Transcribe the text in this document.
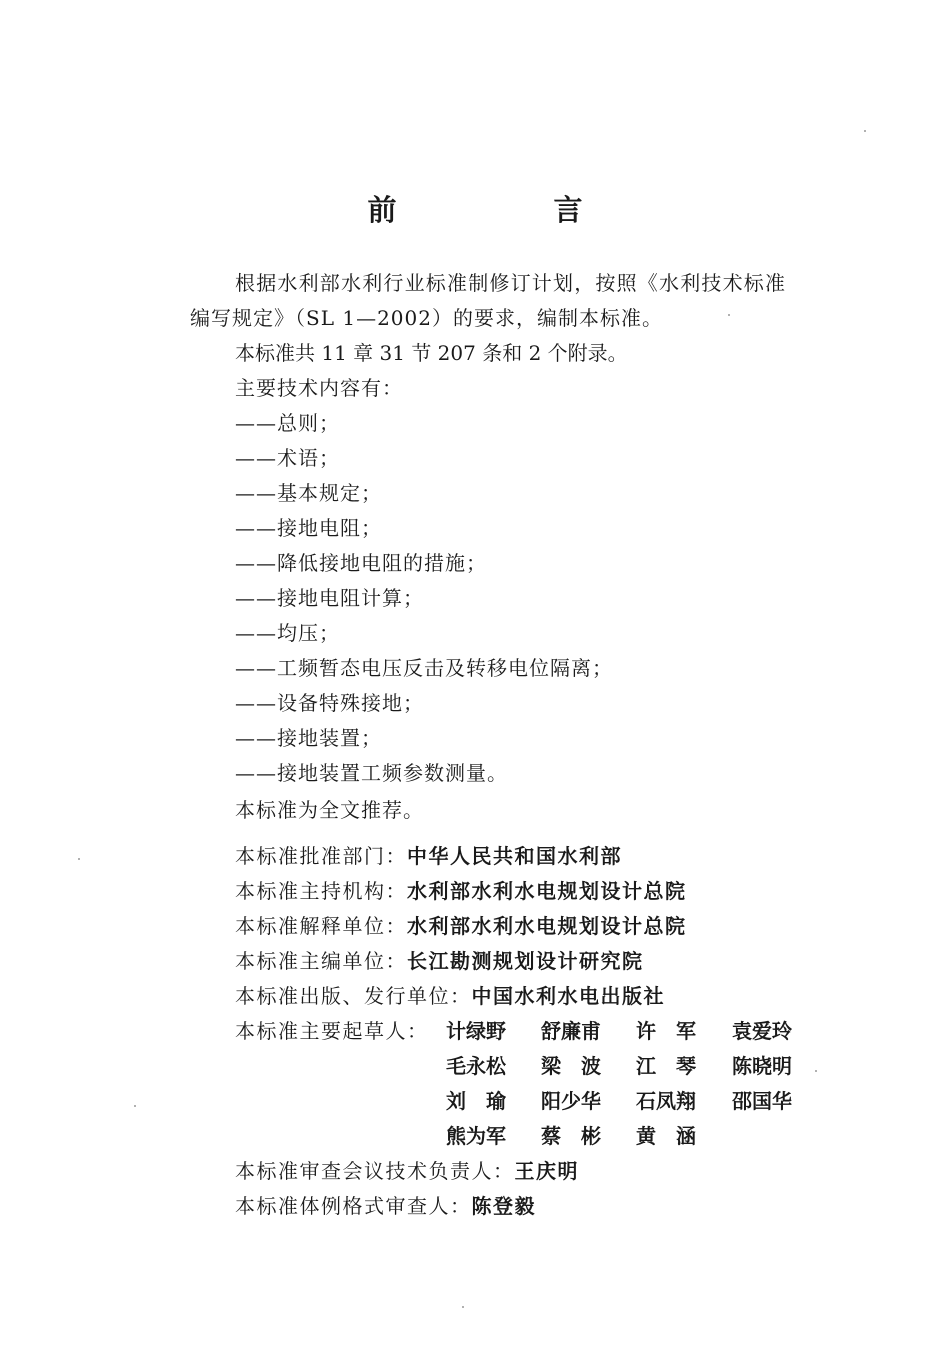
前　言
根据水利部水利行业标准制修订计划，按照《水利技术标准
编写规定》（SL 1—2002）的要求，编制本标准。
本标准共 11 章 31 节 207 条和 2 个附录。
主要技术内容有：
——总则；
——术语；
——基本规定；
——接地电阻；
——降低接地电阻的措施；
——接地电阻计算；
——均压；
——工频暂态电压反击及转移电位隔离；
——设备特殊接地；
——接地装置；
——接地装置工频参数测量。
本标准为全文推荐。
本标准批准部门：中华人民共和国水利部
本标准主持机构：水利部水利水电规划设计总院
本标准解释单位：水利部水利水电规划设计总院
本标准主编单位：长江勘测规划设计研究院
本标准出版、发行单位：中国水利水电出版社
本标准主要起草人： 计绿野 舒廉甫 许　军 袁爱玲
毛永松 梁　波 江　琴 陈晓明
刘　瑜 阳少华 石凤翔 邵国华
熊为军 蔡　彬 黄　涵
本标准审查会议技术负责人：王庆明
本标准体例格式审查人：陈登毅
